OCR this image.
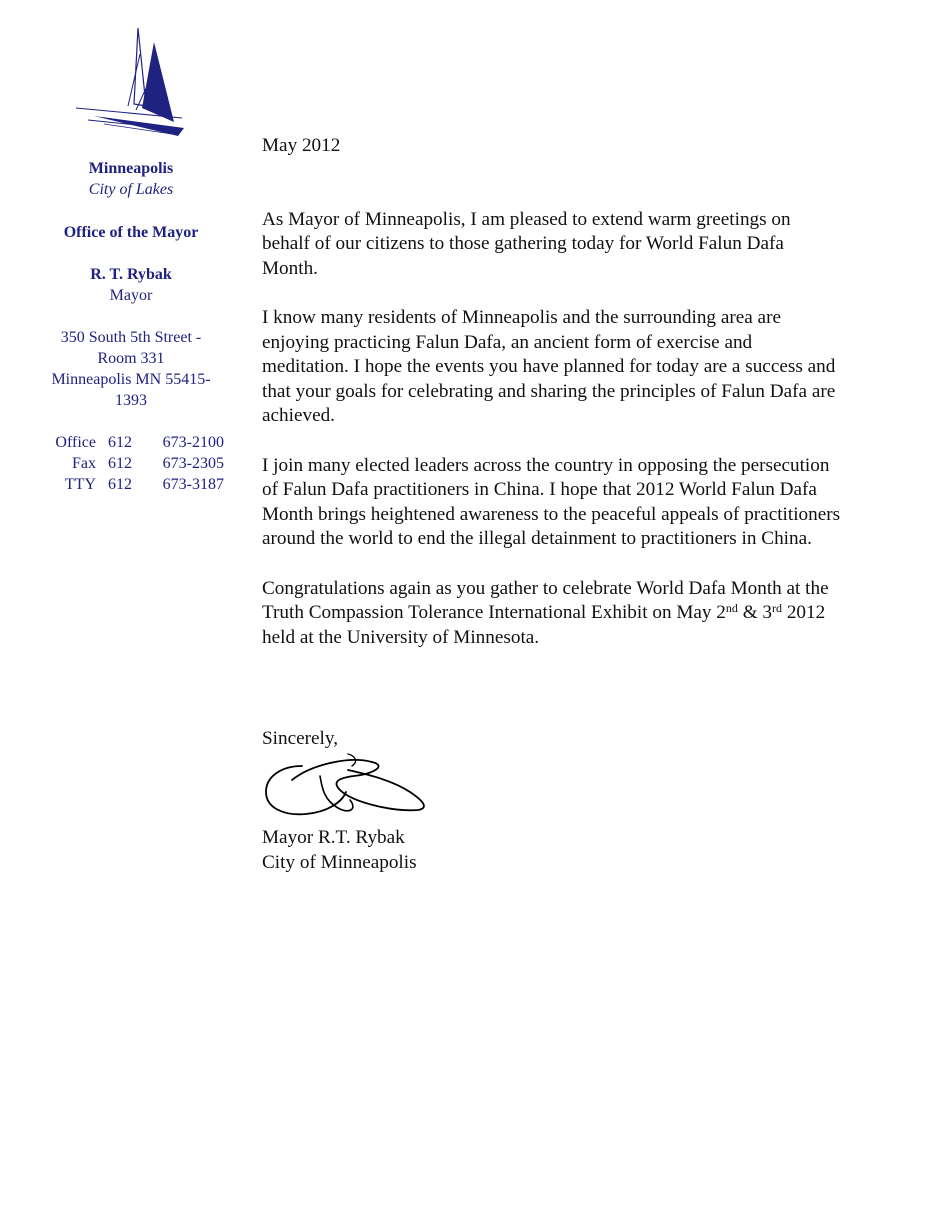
Minneapolis
City of Lakes
Office of the Mayor
R. T. Rybak
Mayor
350 South 5th Street -
Room 331
Minneapolis MN 55415-
1393
Office 612	673-2100
Fax 612	673-2305
TTY 612	673-3187

May 2012

As Mayor of Minneapolis, I am pleased to extend warm greetings on behalf of our citizens to those gathering today for World Falun Dafa Month.

I know many residents of Minneapolis and the surrounding area are enjoying practicing Falun Dafa, an ancient form of exercise and meditation. I hope the events you have planned for today are a success and that your goals for celebrating and sharing the principles of Falun Dafa are achieved.

I join many elected leaders across the country in opposing the persecution of Falun Dafa practitioners in China. I hope that 2012 World Falun Dafa Month brings heightened awareness to the peaceful appeals of practitioners around the world to end the illegal detainment to practitioners in China.

Congratulations again as you gather to celebrate World Dafa Month at the Truth Compassion Tolerance International Exhibit on May 2nd & 3rd 2012 held at the University of Minnesota.

Sincerely,
Mayor R.T. Rybak
City of Minneapolis
